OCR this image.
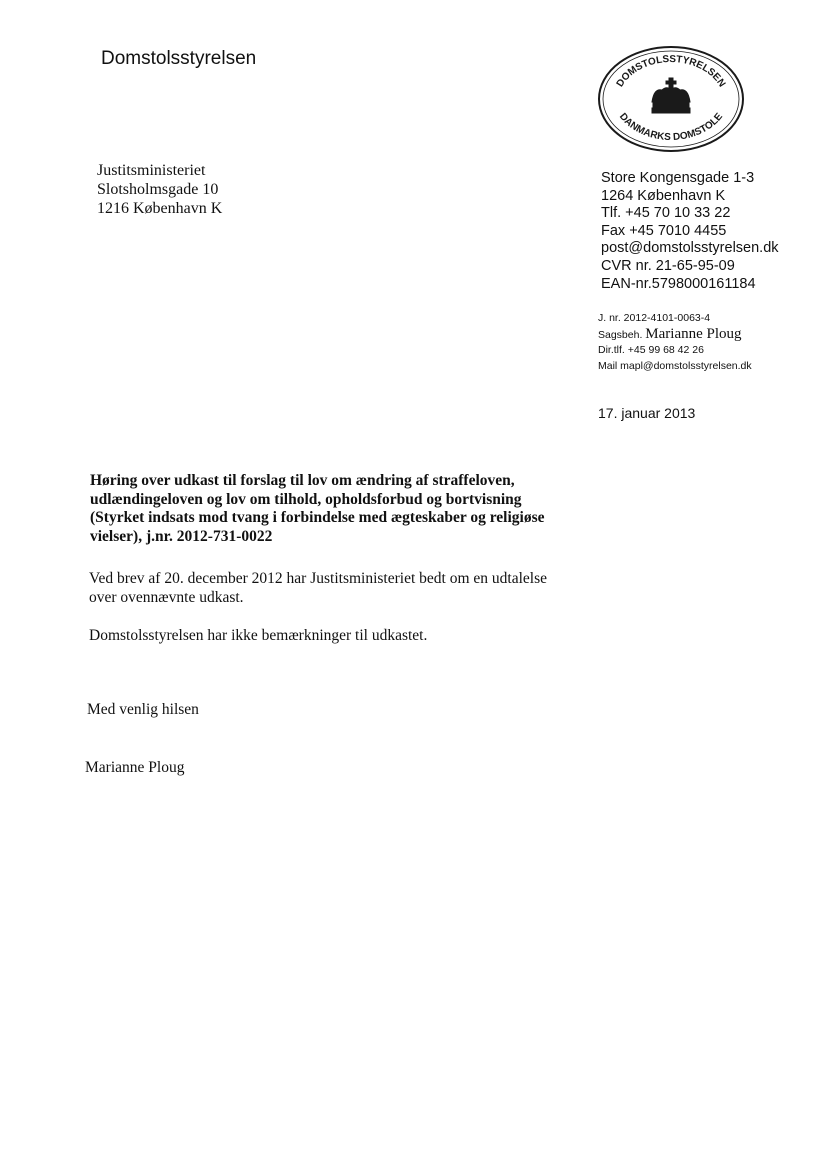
Domstolsstyrelsen
Justitsministeriet
Slotsholmsgade 10
1216 København K
DOMSTOLSSTYRELSEN
DANMARKS DOMSTOLE
Store Kongensgade 1-3
1264 København K
Tlf. +45 70 10 33 22
Fax +45 7010 4455
post@domstolsstyrelsen.dk
CVR nr. 21-65-95-09
EAN-nr.5798000161184
J. nr. 2012-4101-0063-4
Sagsbeh. Marianne Ploug
Dir.tlf. +45 99 68 42 26
Mail mapl@domstolsstyrelsen.dk
17. januar 2013
Høring over udkast til forslag til lov om ændring af straffeloven,
udlændingeloven og lov om tilhold, opholdsforbud og bortvisning
(Styrket indsats mod tvang i forbindelse med ægteskaber og religiøse
vielser), j.nr. 2012-731-0022
Ved brev af 20. december 2012 har Justitsministeriet bedt om en udtalelse
over ovennævnte udkast.
Domstolsstyrelsen har ikke bemærkninger til udkastet.
Med venlig hilsen
Marianne Ploug
